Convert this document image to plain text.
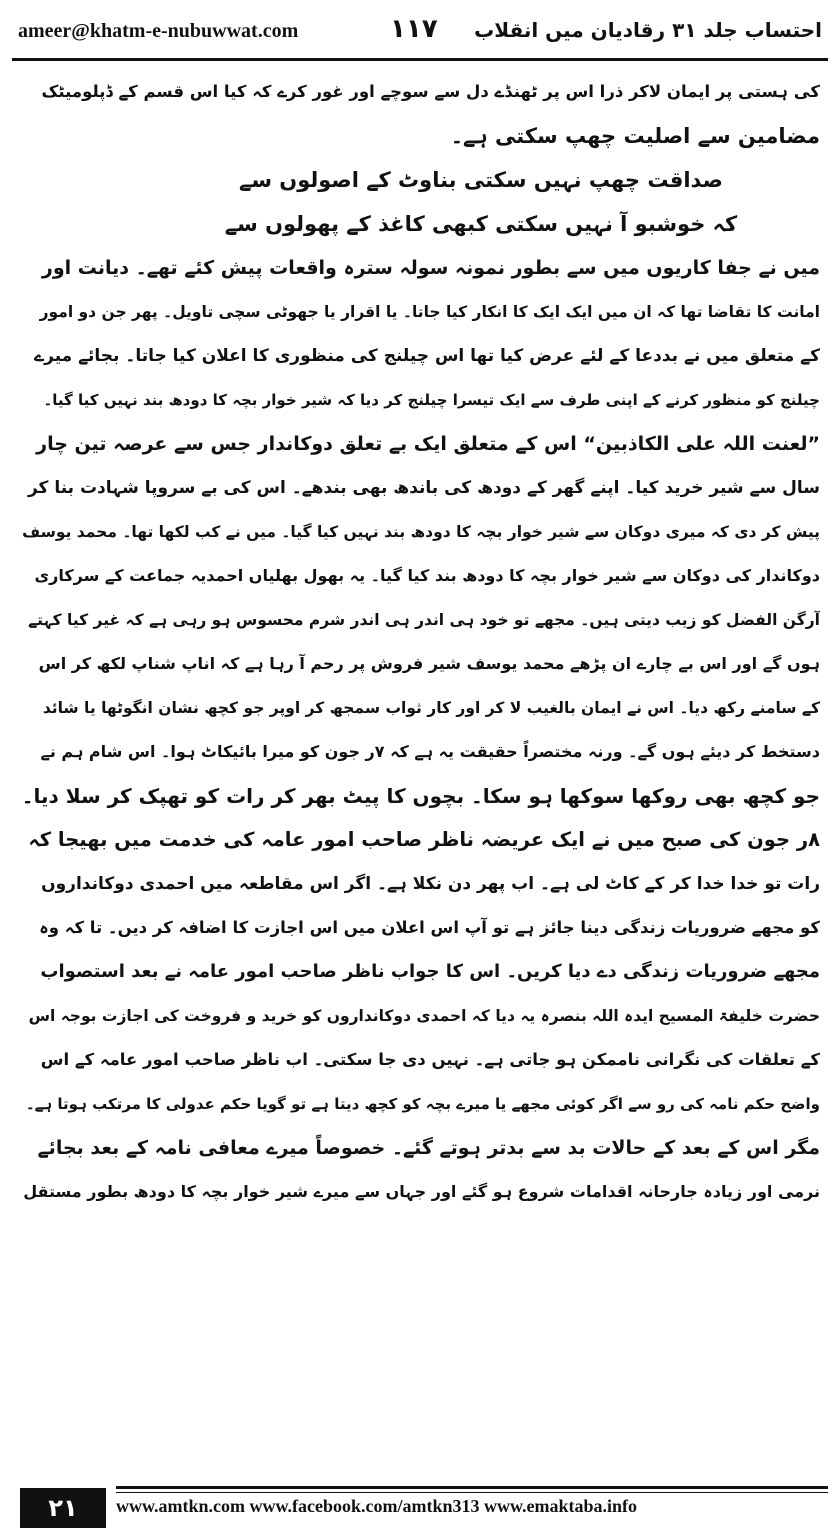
ameer@khatm-e-nubuwwat.com	۱۱۷ احتساب جلد ۳۱ رقادیان میں انقلاب
کی ہستی پر ایمان لاکر ذرا اس پر ٹھنڈے دل سے سوچے اور غور کرے کہ کیا اس قسم کے ڈپلومیٹک
مضامین سے اصلیت چھپ سکتی ہے۔
صداقت چھپ نہیں سکتی بناوٹ کے اصولوں سے
کہ خوشبو آ نہیں سکتی کبھی کاغذ کے پھولوں سے
میں نے جفا کاریوں میں سے بطور نمونہ سولہ سترہ واقعات پیش کئے تھے۔ دیانت اور
امانت کا تقاضا تھا کہ ان میں ایک ایک کا انکار کیا جاتا۔ یا اقرار یا جھوٹی سچی تاویل۔ پھر جن دو امور
کے متعلق میں نے بددعا کے لئے عرض کیا تھا اس چیلنج کی منظوری کا اعلان کیا جاتا۔ بجائے میرے
چیلنج کو منظور کرنے کے اپنی طرف سے ایک تیسرا چیلنج کر دیا کہ شیر خوار بچہ کا دودھ بند نہیں کیا گیا۔
”لعنت اللہ علی الکاذبین“ اس کے متعلق ایک بے تعلق دوکاندار جس سے عرصہ تین چار
سال سے شیر خرید کیا۔ اپنے گھر کے دودھ کی باندھ بھی بندھے۔ اس کی بے سروپا شہادت بنا کر
پیش کر دی کہ میری دوکان سے شیر خوار بچہ کا دودھ بند نہیں کیا گیا۔ میں نے کب لکھا تھا۔ محمد یوسف
دوکاندار کی دوکان سے شیر خوار بچہ کا دودھ بند کیا گیا۔ یہ بھول بھلیاں احمدیہ جماعت کے سرکاری
آرگن الفضل کو زیب دیتی ہیں۔ مجھے تو خود ہی اندر ہی اندر شرم محسوس ہو رہی ہے کہ غیر کیا کہتے
ہوں گے اور اس بے چارے ان پڑھے محمد یوسف شیر فروش پر رحم آ رہا ہے کہ اناپ شناپ لکھ کر اس
کے سامنے رکھ دیا۔ اس نے ایمان بالغیب لا کر اور کار ثواب سمجھ کر اوپر جو کچھ نشان انگوٹھا یا شائد
دستخط کر دیئے ہوں گے۔ ورنہ مختصراً حقیقت یہ ہے کہ ۷ر جون کو میرا بائیکاٹ ہوا۔ اس شام ہم نے
جو کچھ بھی روکھا سوکھا ہو سکا۔ بچوں کا پیٹ بھر کر رات کو تھپک کر سلا دیا۔
۸ر جون کی صبح میں نے ایک عریضہ ناظر صاحب امور عامہ کی خدمت میں بھیجا کہ
رات تو خدا خدا کر کے کاٹ لی ہے۔ اب پھر دن نکلا ہے۔ اگر اس مقاطعہ میں احمدی دوکانداروں
کو مجھے ضروریات زندگی دینا جائز ہے تو آپ اس اعلان میں اس اجازت کا اضافہ کر دیں۔ تا کہ وہ
مجھے ضروریات زندگی دے دیا کریں۔ اس کا جواب ناظر صاحب امور عامہ نے بعد استصواب
حضرت خلیفۃ المسیح ایدہ اللہ بنصرہ یہ دیا کہ احمدی دوکانداروں کو خرید و فروخت کی اجازت بوجہ اس
کے تعلقات کی نگرانی ناممکن ہو جاتی ہے۔ نہیں دی جا سکتی۔ اب ناظر صاحب امور عامہ کے اس
واضح حکم نامہ کی رو سے اگر کوئی مجھے یا میرے بچہ کو کچھ دیتا ہے تو گویا حکم عدولی کا مرتکب ہوتا ہے۔
مگر اس کے بعد کے حالات بد سے بدتر ہوتے گئے۔ خصوصاً میرے معافی نامہ کے بعد بجائے
نرمی اور زیادہ جارحانہ اقدامات شروع ہو گئے اور جہاں سے میرے شیر خوار بچہ کا دودھ بطور مستقل
۲۱	www.amtkn.com www.facebook.com/amtkn313 www.emaktaba.info
